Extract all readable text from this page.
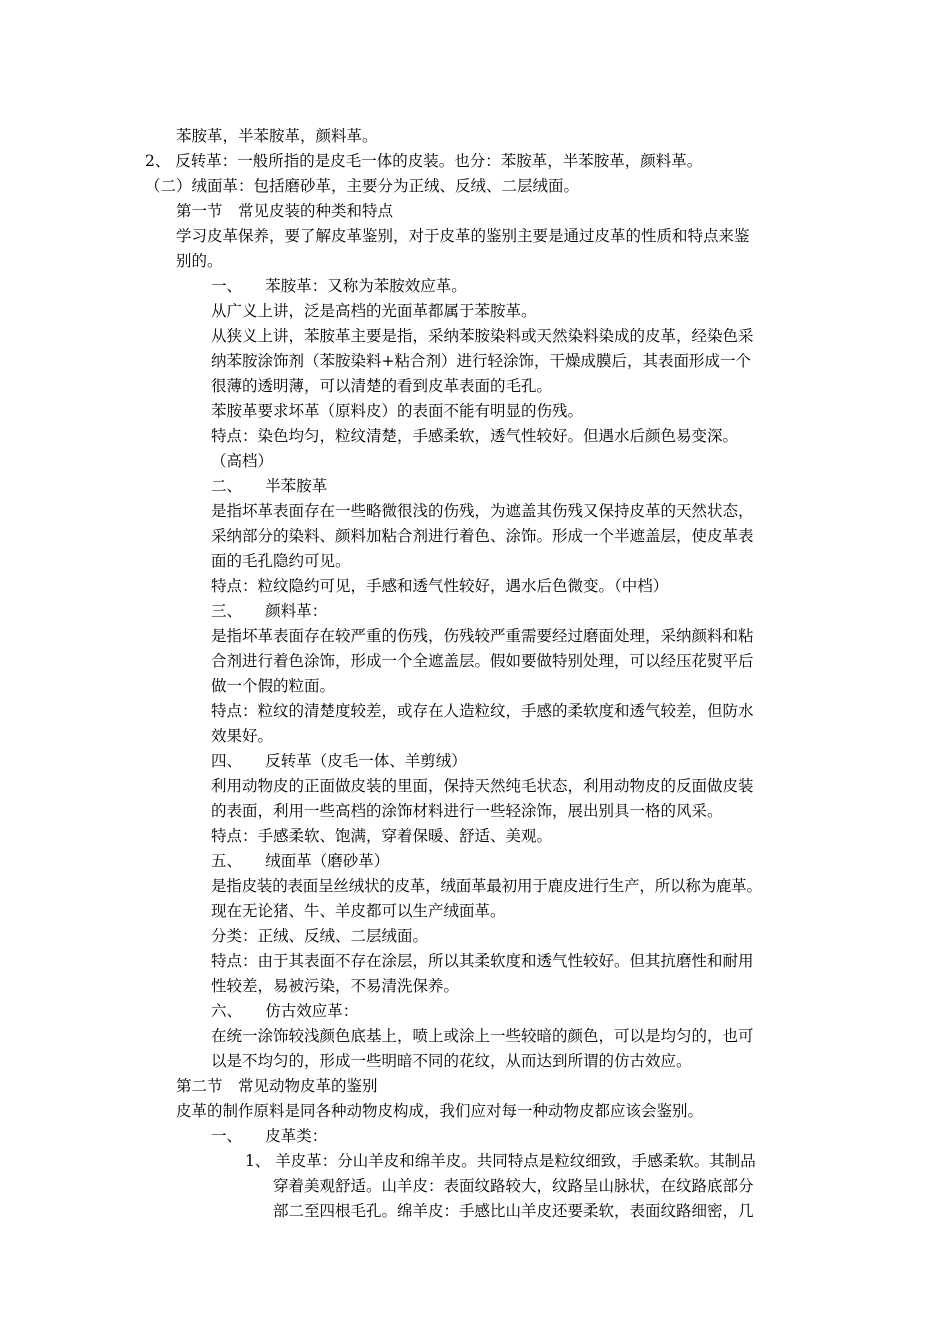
苯胺革，半苯胺革，颜料革。
2、 反转革：一般所指的是皮毛一体的皮装。也分：苯胺革，半苯胺革，颜料革。
（二）绒面革：包括磨砂革，主要分为正绒、反绒、二层绒面。
第一节　常见皮装的种类和特点
学习皮革保养，要了解皮革鉴别，对于皮革的鉴别主要是通过皮革的性质和特点来鉴
别的。
一、　　苯胺革：又称为苯胺效应革。
从广义上讲，泛是高档的光面革都属于苯胺革。
从狭义上讲，苯胺革主要是指，采纳苯胺染料或天然染料染成的皮革，经染色采
纳苯胺涂饰剂（苯胺染料+粘合剂）进行轻涂饰，干燥成膜后，其表面形成一个
很薄的透明薄，可以清楚的看到皮革表面的毛孔。
苯胺革要求坏革（原料皮）的表面不能有明显的伤残。
特点：染色均匀，粒纹清楚，手感柔软，透气性较好。但遇水后颜色易变深。
（高档）
二、　　半苯胺革
是指坏革表面存在一些略微很浅的伤残，为遮盖其伤残又保持皮革的天然状态，
采纳部分的染料、颜料加粘合剂进行着色、涂饰。形成一个半遮盖层，使皮革表
面的毛孔隐约可见。
特点：粒纹隐约可见，手感和透气性较好，遇水后色微变。（中档）
三、　　颜料革：
是指坏革表面存在较严重的伤残，伤残较严重需要经过磨面处理，采纳颜料和粘
合剂进行着色涂饰，形成一个全遮盖层。假如要做特别处理，可以经压花熨平后
做一个假的粒面。
特点：粒纹的清楚度较差，或存在人造粒纹，手感的柔软度和透气较差，但防水
效果好。
四、　　反转革（皮毛一体、羊剪绒）
利用动物皮的正面做皮装的里面，保持天然纯毛状态，利用动物皮的反面做皮装
的表面，利用一些高档的涂饰材料进行一些轻涂饰，展出别具一格的风采。
特点：手感柔软、饱满，穿着保暖、舒适、美观。
五、　　绒面革（磨砂革）
是指皮装的表面呈丝绒状的皮革，绒面革最初用于鹿皮进行生产，所以称为鹿革。
现在无论猪、牛、羊皮都可以生产绒面革。
分类：正绒、反绒、二层绒面。
特点：由于其表面不存在涂层，所以其柔软度和透气性较好。但其抗磨性和耐用
性较差，易被污染，不易清洗保养。
六、　　仿古效应革：
在统一涂饰较浅颜色底基上，喷上或涂上一些较暗的颜色，可以是均匀的，也可
以是不均匀的，形成一些明暗不同的花纹，从而达到所谓的仿古效应。
第二节　常见动物皮革的鉴别
皮革的制作原料是同各种动物皮构成，我们应对每一种动物皮都应该会鉴别。
一、　　皮革类：
1、 羊皮革：分山羊皮和绵羊皮。共同特点是粒纹细致，手感柔软。其制品
穿着美观舒适。山羊皮：表面纹路较大，纹路呈山脉状，在纹路底部分
部二至四根毛孔。绵羊皮：手感比山羊皮还要柔软，表面纹路细密，几
